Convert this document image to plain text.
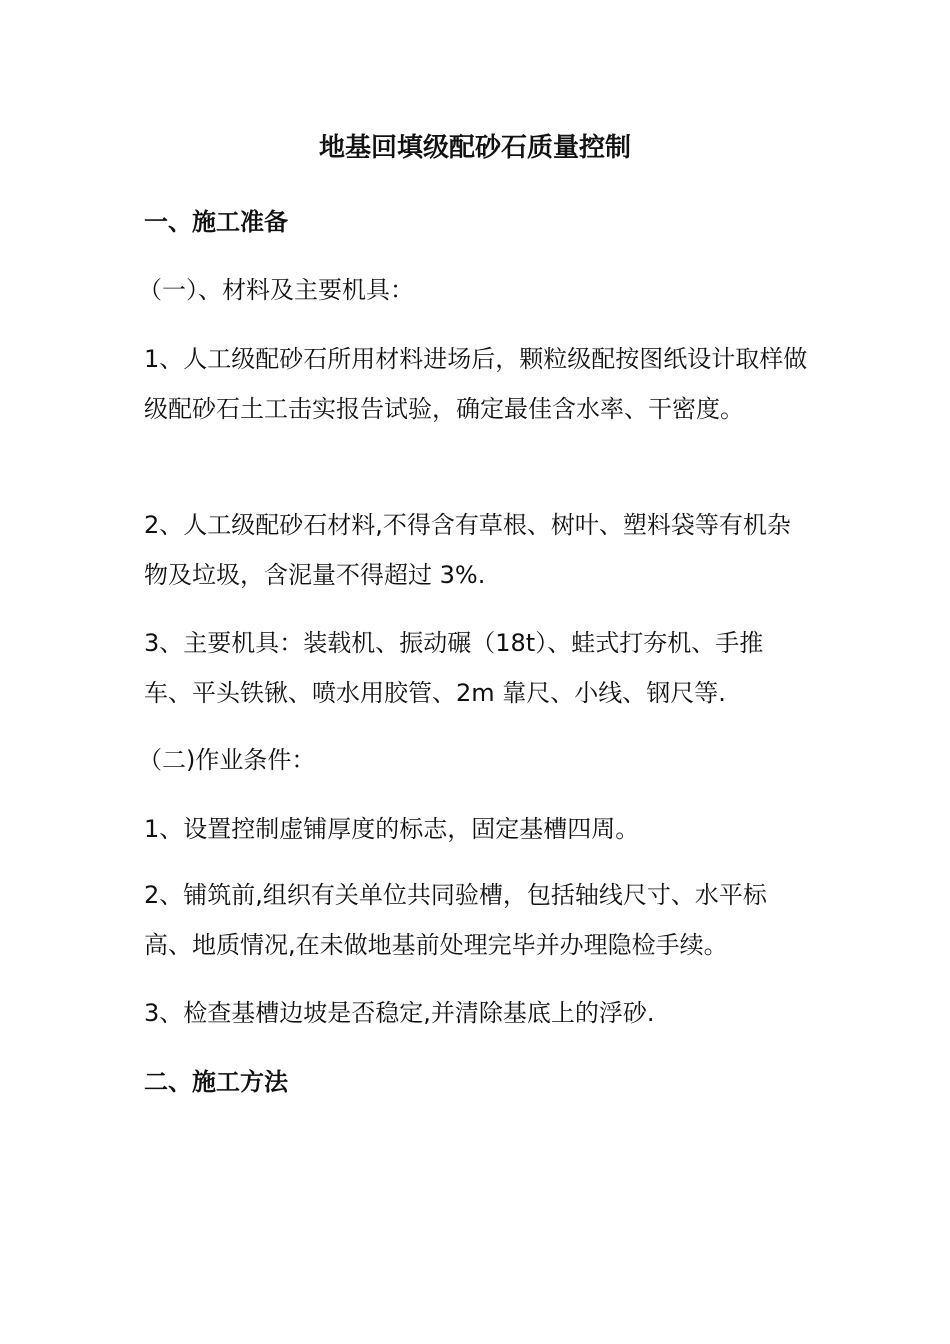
地基回填级配砂石质量控制
一、施工准备
（一）、材料及主要机具：
1、人工级配砂石所用材料进场后，颗粒级配按图纸设计取样做级配砂石土工击实报告试验，确定最佳含水率、干密度。
2、人工级配砂石材料,不得含有草根、树叶、塑料袋等有机杂物及垃圾，含泥量不得超过 3%.
3、主要机具：装载机、振动碾（18t）、蛙式打夯机、手推车、平头铁锹、喷水用胶管、2m 靠尺、小线、钢尺等.
（二)作业条件：
1、设置控制虚铺厚度的标志，固定基槽四周。
2、铺筑前,组织有关单位共同验槽，包括轴线尺寸、水平标高、地质情况,在未做地基前处理完毕并办理隐检手续。
3、检查基槽边坡是否稳定,并清除基底上的浮砂.
二、施工方法
